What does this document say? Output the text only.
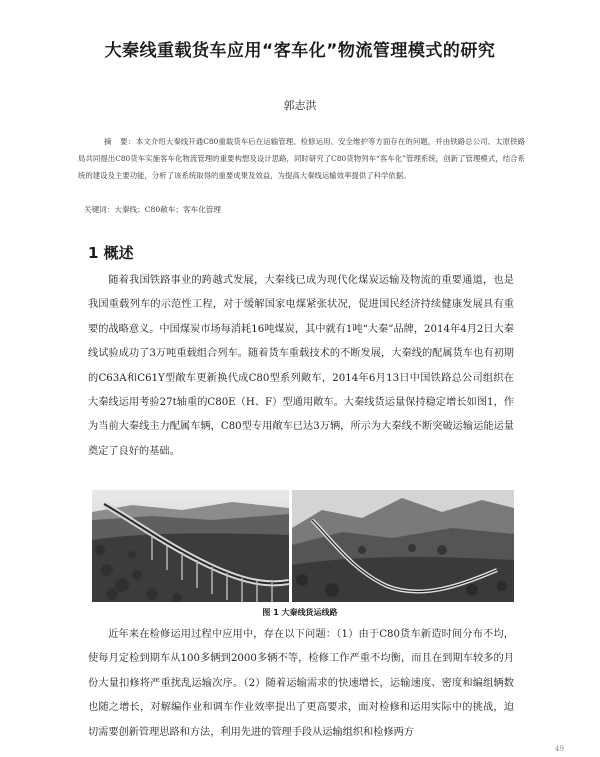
大秦线重载货车应用“客车化”物流管理模式的研究
郭志洪
摘　要：本文介绍大秦线开通C80重载货车后在运输管理、检修运用、安全维护等方面存在的问题，并由铁路总公司、太原铁路局共同提出C80货车实施客车化物流管理的重要构想及设计思路，同时研究了C80货物列车“客车化”管理系统，创新了管理模式，结合系统的建设及主要功能，分析了该系统取得的重要成果及效益，为提高大秦线运输效率提供了科学依据。
关键词：大秦线；C80敞车；客车化管理
1 概述
随着我国铁路事业的跨越式发展，大秦线已成为现代化煤炭运输及物流的重要通道，也是我国重载列车的示范性工程，对于缓解国家电煤紧张状况，促进国民经济持续健康发展具有重要的战略意义。中国煤炭市场每消耗16吨煤炭，其中就有1吨“大秦”品牌，2014年4月2日大秦线试验成功了3万吨重载组合列车。随着货车重载技术的不断发展，大秦线的配属货车也有初期的C63A和C61Y型敞车更新换代成C80型系列敞车，2014年6月13日中国铁路总公司组织在大秦线运用考验27t轴重的C80E（H、F）型通用敞车。大秦线货运量保持稳定增长如图1，作为当前大秦线主力配属车辆，C80型专用敞车已达3万辆，所示为大秦线不断突破运输运能运量奠定了良好的基础。
图 1 大秦线货运线路
近年来在检修运用过程中应用中，存在以下问题：（1）由于C80货车新造时间分布不均，使每月定检到期车从100多辆到2000多辆不等，检修工作严重不均衡，而且在到期车较多的月份大量扣修将严重扰乱运输次序。（2）随着运输需求的快速增长，运输速度、密度和编组辆数也随之增长，对解编作业和调车作业效率提出了更高要求，面对检修和运用实际中的挑战，迫切需要创新管理思路和方法，利用先进的管理手段从运输组织和检修两方
49
